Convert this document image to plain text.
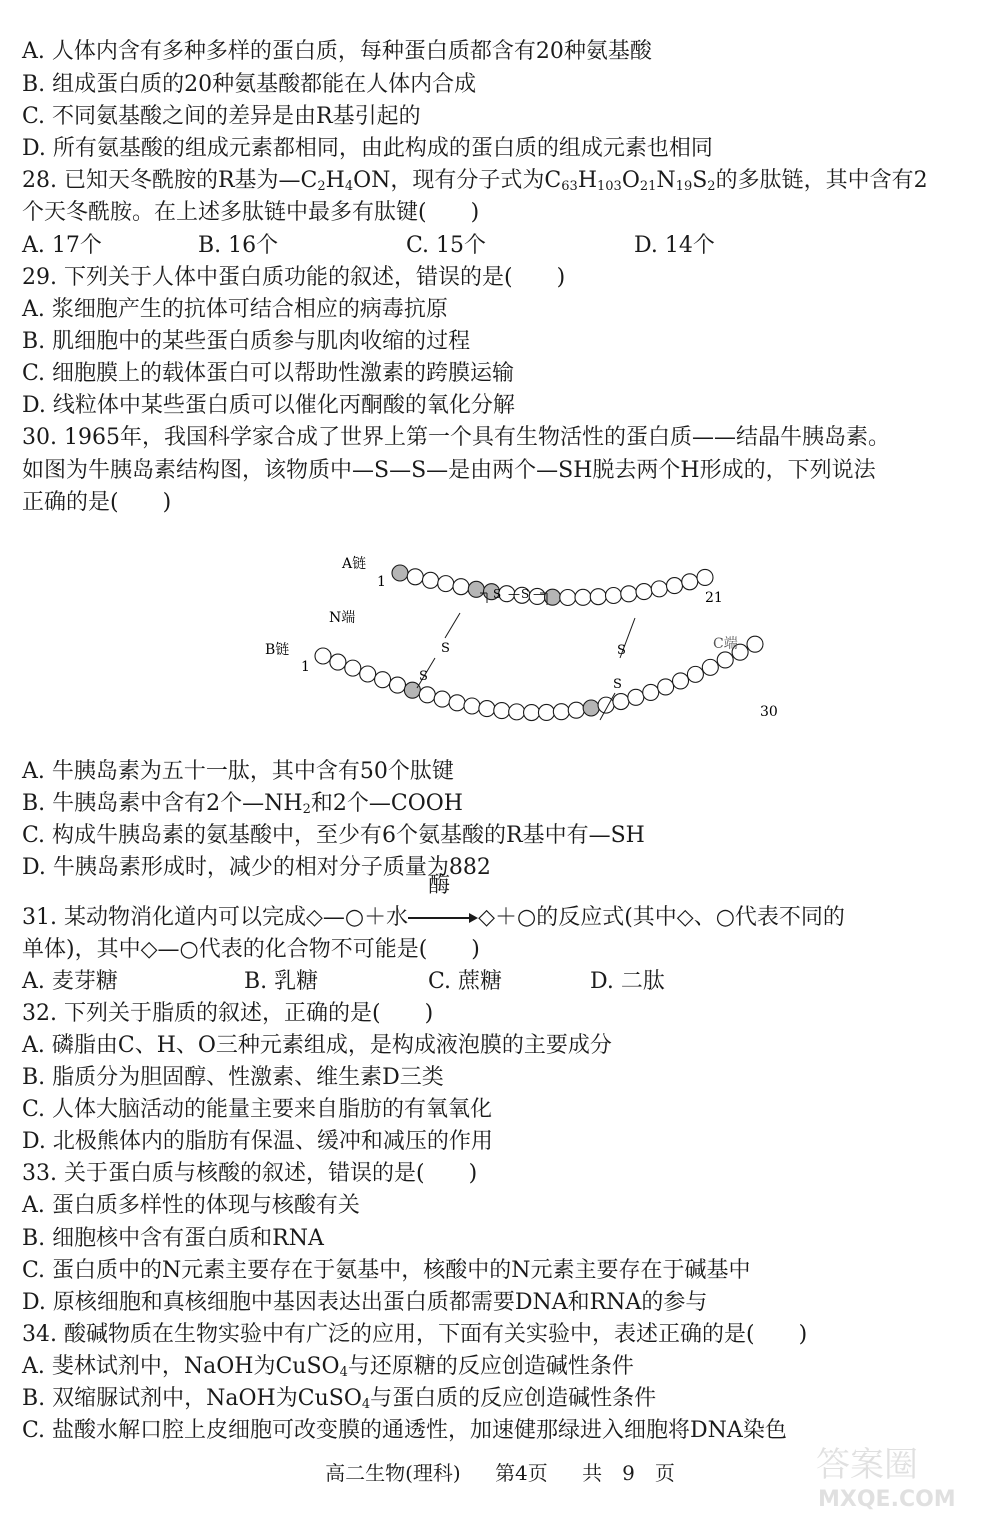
A. 人体内含有多种多样的蛋白质，每种蛋白质都含有20种氨基酸
B. 组成蛋白质的20种氨基酸都能在人体内合成
C. 不同氨基酸之间的差异是由R基引起的
D. 所有氨基酸的组成元素都相同，由此构成的蛋白质的组成元素也相同
28. 已知天冬酰胺的R基为$—C_2H_4ON$，现有分子式为$C_{63}H_{103}O_{21}N_{19}S_2$的多肽链，其中含有2
个天冬酰胺。在上述多肽链中最多有肽键(　　)
A. 17个	B. 16个	C. 15个	D. 14个
29. 下列关于人体中蛋白质功能的叙述，错误的是(　　)
A. 浆细胞产生的抗体可结合相应的病毒抗原
B. 肌细胞中的某些蛋白质参与肌肉收缩的过程
C. 细胞膜上的载体蛋白可以帮助性激素的跨膜运输
D. 线粒体中某些蛋白质可以催化丙酮酸的氧化分解
30. 1965年，我国科学家合成了世界上第一个具有生物活性的蛋白质——结晶牛胰岛素。
如图为牛胰岛素结构图，该物质中—S—S—是由两个—SH脱去两个H形成的，下列说法
正确的是(　　)
A链
1
N端
B链
1
21
C端
30
S — S —
S
S
S
S
A. 牛胰岛素为五十一肽，其中含有50个肽键
B. 牛胰岛素中含有2个$—NH_2$和2个—COOH
C. 构成牛胰岛素的氨基酸中，至少有6个氨基酸的R基中有—SH
D. 牛胰岛素形成时，减少的相对分子质量为882
31. 某动物消化道内可以完成◇—○＋水
酶
◇＋○的反应式(其中◇、○代表不同的
单体)，其中◇—○代表的化合物不可能是(　　)
A. 麦芽糖	B. 乳糖	C. 蔗糖	D. 二肽
32. 下列关于脂质的叙述，正确的是(　　)
A. 磷脂由C、H、O三种元素组成，是构成液泡膜的主要成分
B. 脂质分为胆固醇、性激素、维生素D三类
C. 人体大脑活动的能量主要来自脂肪的有氧氧化
D. 北极熊体内的脂肪有保温、缓冲和减压的作用
33. 关于蛋白质与核酸的叙述，错误的是(　　)
A. 蛋白质多样性的体现与核酸有关
B. 细胞核中含有蛋白质和RNA
C. 蛋白质中的N元素主要存在于氨基中，核酸中的N元素主要存在于碱基中
D. 原核细胞和真核细胞中基因表达出蛋白质都需要DNA和RNA的参与
34. 酸碱物质在生物实验中有广泛的应用，下面有关实验中，表述正确的是(　　)
A. 斐林试剂中，NaOH为CuSO$_4$与还原糖的反应创造碱性条件
B. 双缩脲试剂中，NaOH为CuSO$_4$与蛋白质的反应创造碱性条件
C. 盐酸水解口腔上皮细胞可改变膜的通透性，加速健那绿进入细胞将DNA染色
高二生物(理科) 第4页 共　9　页	答案圈
MXQE.COM
